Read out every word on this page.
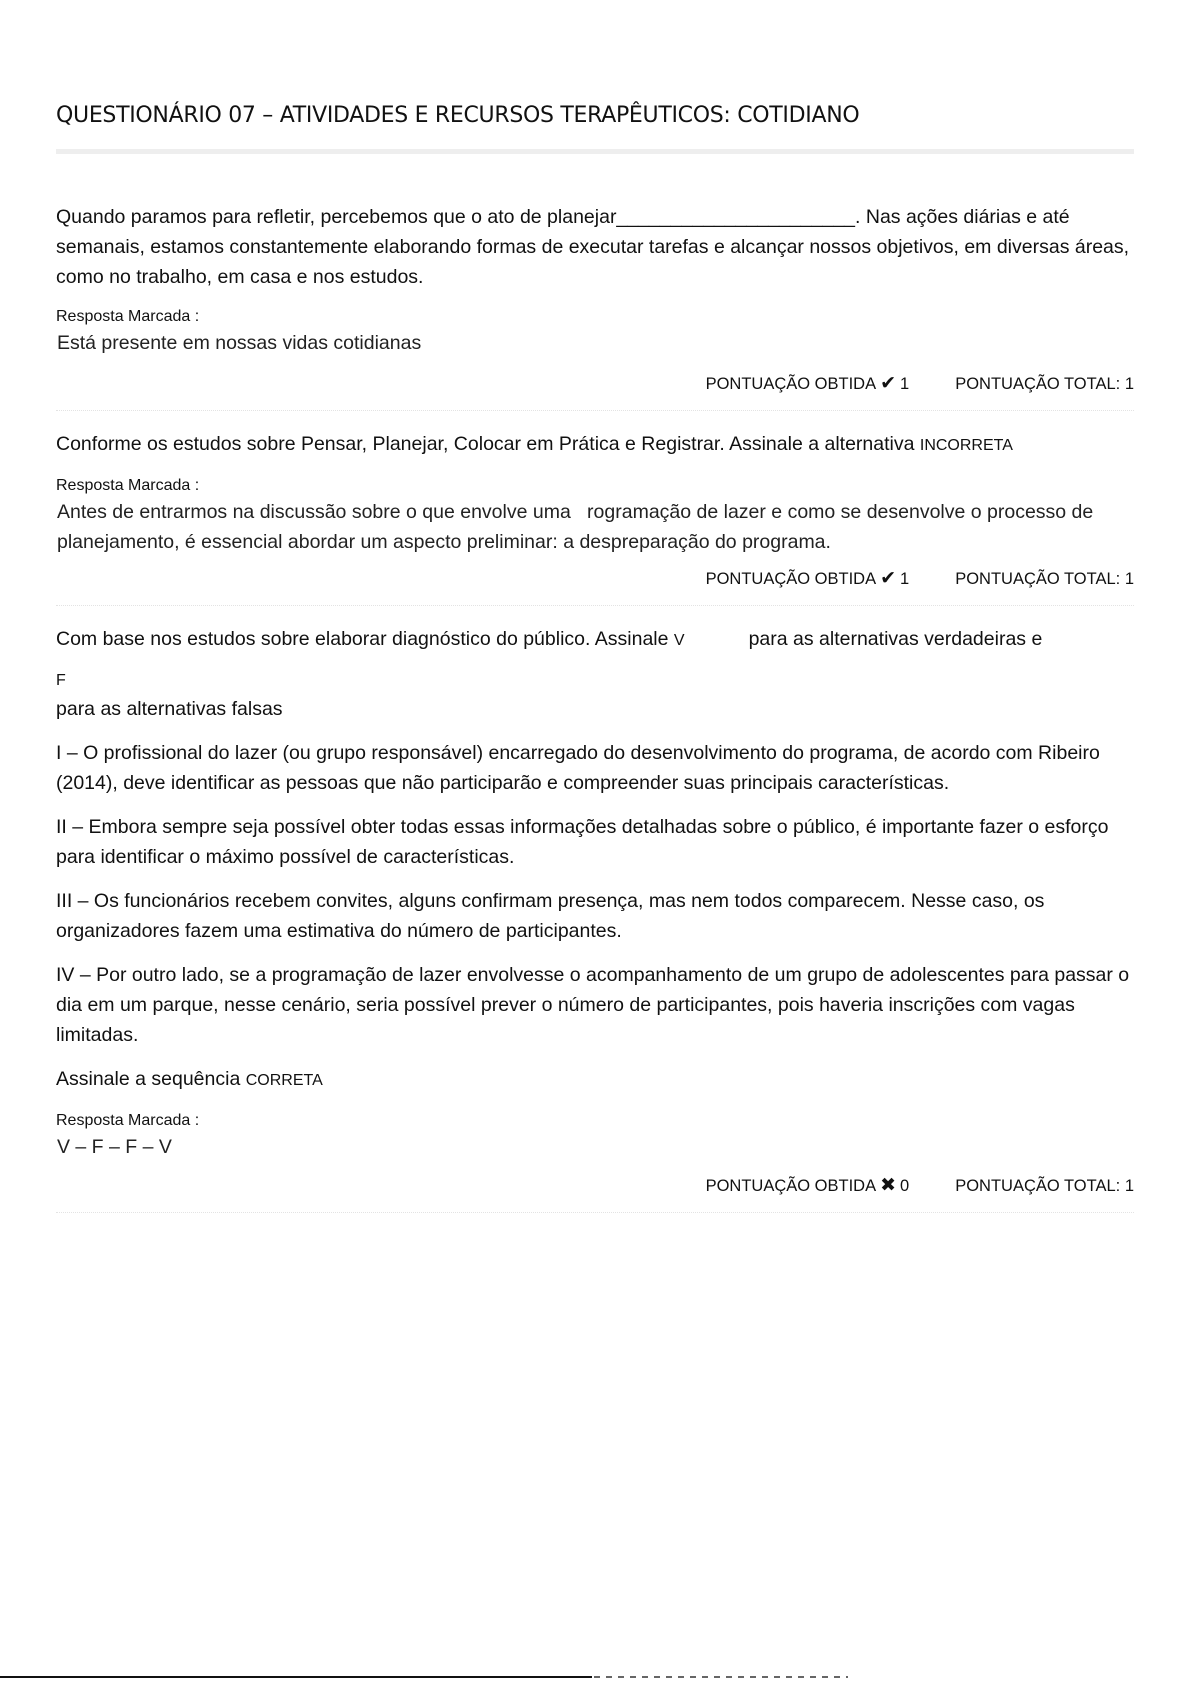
QUESTIONÁRIO 07 – ATIVIDADES E RECURSOS TERAPÊUTICOS: COTIDIANO

Quando paramos para refletir, percebemos que o ato de planejar______________________. Nas ações diárias e até semanais, estamos constantemente elaborando formas de executar tarefas e alcançar nossos objetivos, em diversas áreas, como no trabalho, em casa e nos estudos.

Resposta Marcada :
Está presente em nossas vidas cotidianas
PONTUAÇÃO OBTIDA ✔ 1	PONTUAÇÃO TOTAL: 1

Conforme os estudos sobre Pensar, Planejar, Colocar em Prática e Registrar. Assinale a alternativa INCORRETA

Resposta Marcada :
Antes de entrarmos na discussão sobre o que envolve uma   rogramação de lazer e como se desenvolve o processo de planejamento, é essencial abordar um aspecto preliminar: a despreparação do programa.
PONTUAÇÃO OBTIDA ✔ 1	PONTUAÇÃO TOTAL: 1

Com base nos estudos sobre elaborar diagnóstico do público. Assinale V	para as alternativas verdadeiras e

F

para as alternativas falsas

I – O profissional do lazer (ou grupo responsável) encarregado do desenvolvimento do programa, de acordo com Ribeiro (2014), deve identificar as pessoas que não participarão e compreender suas principais características.

II – Embora sempre seja possível obter todas essas informações detalhadas sobre o público, é importante fazer o esforço para identificar o máximo possível de características.

III – Os funcionários recebem convites, alguns confirmam presença, mas nem todos comparecem. Nesse caso, os organizadores fazem uma estimativa do número de participantes.

IV – Por outro lado, se a programação de lazer envolvesse o acompanhamento de um grupo de adolescentes para passar o dia em um parque, nesse cenário, seria possível prever o número de participantes, pois haveria inscrições com vagas limitadas.

Assinale a sequência CORRETA

Resposta Marcada :
V – F – F – V
PONTUAÇÃO OBTIDA ✖ 0	PONTUAÇÃO TOTAL: 1
